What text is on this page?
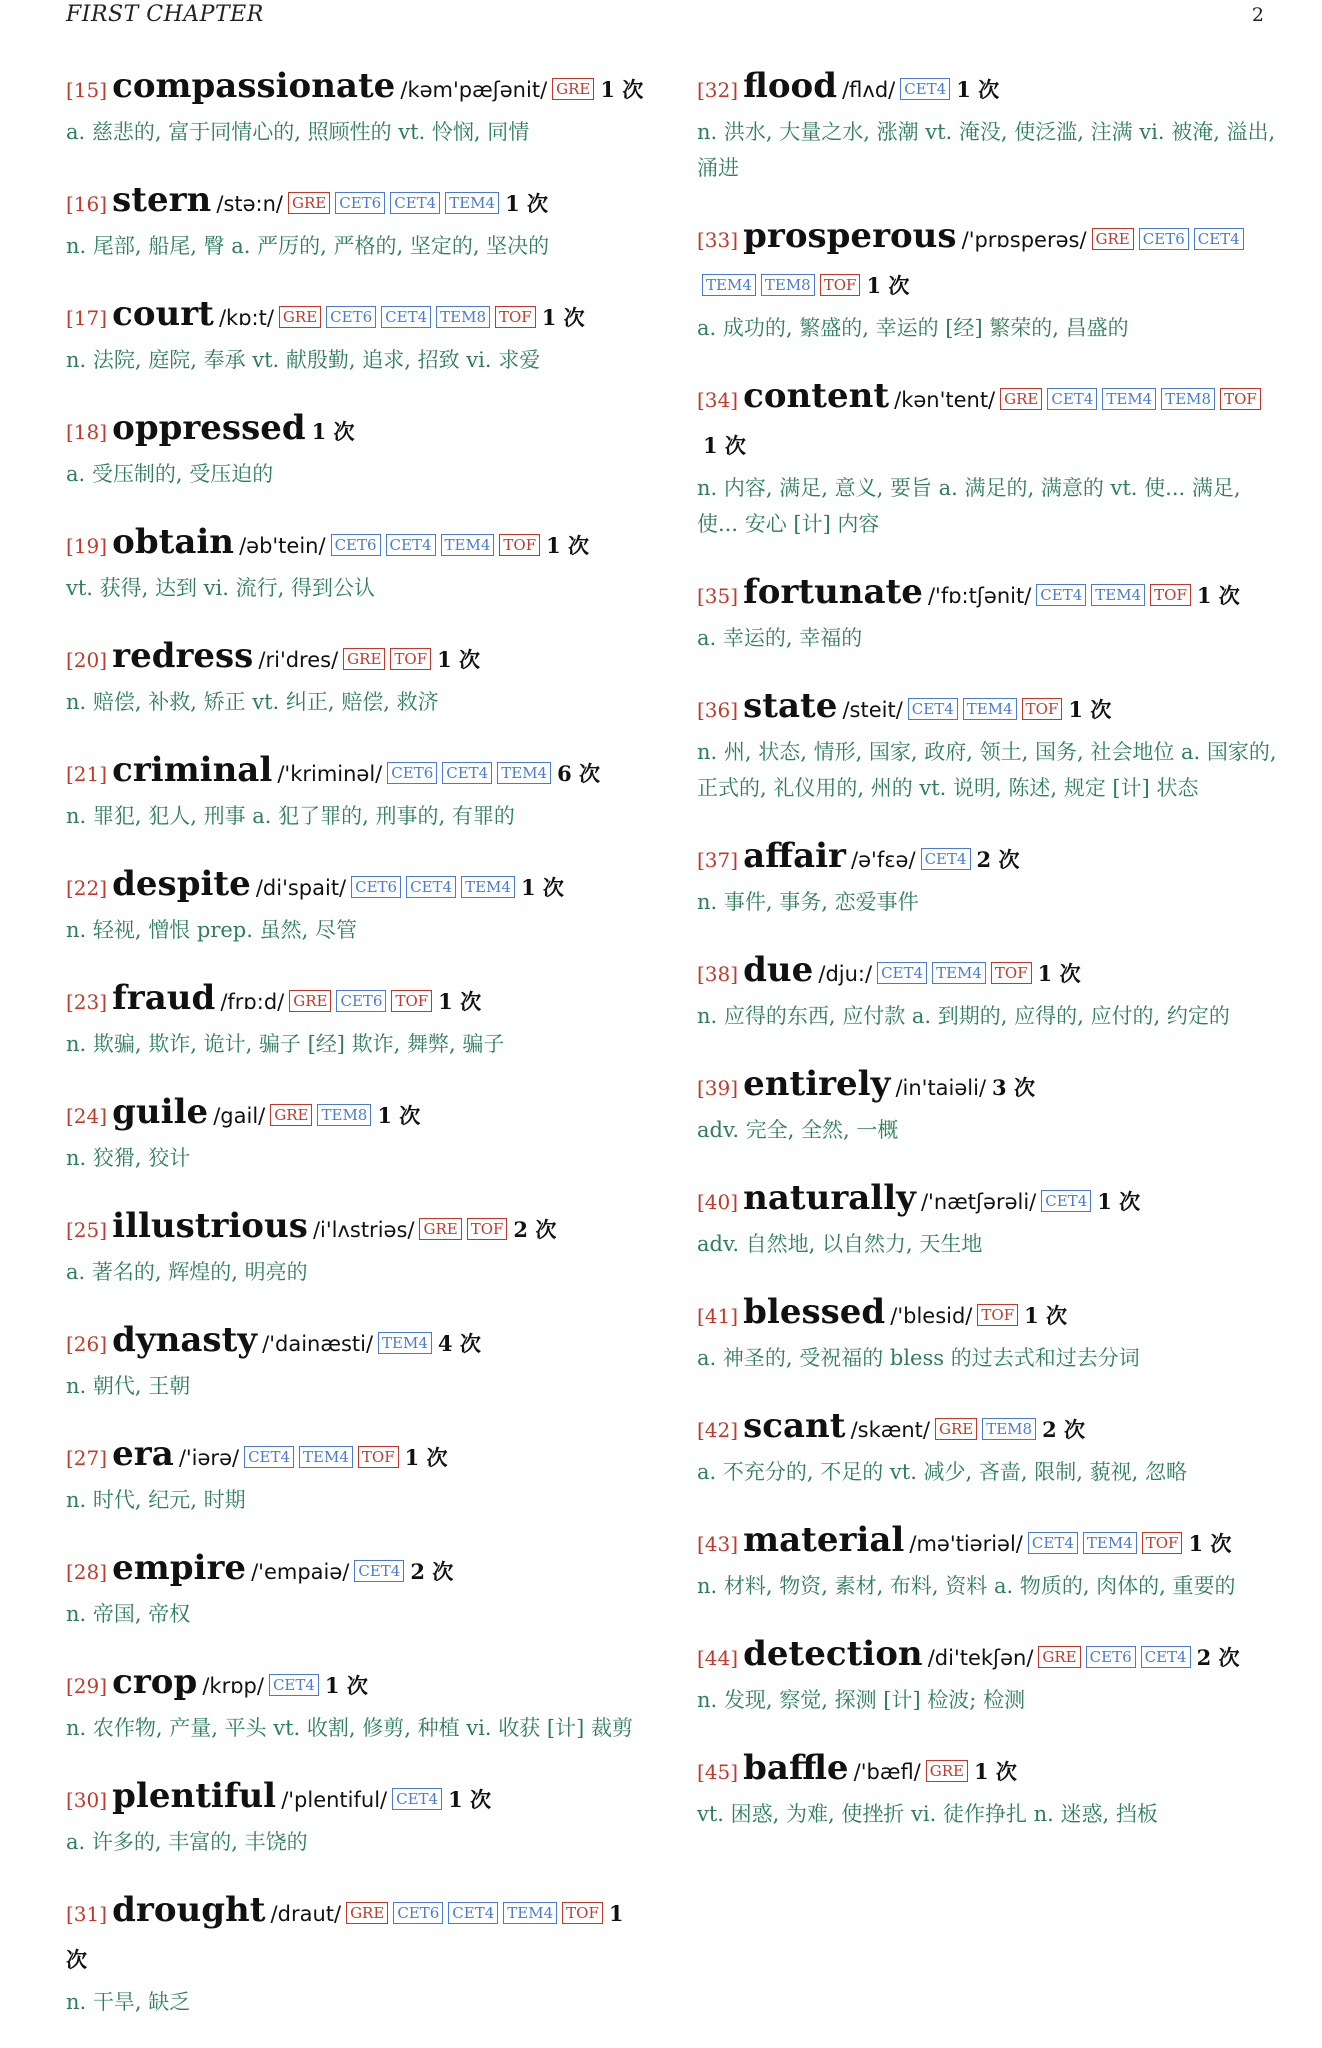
FIRST CHAPTER	2
[15] compassionate /kəm'pæʃənit/ GRE 1 次
a. 慈悲的, 富于同情心的, 照顾性的 vt. 怜悯, 同情
[16] stern /stə:n/ GRE CET6 CET4 TEM4 1 次
n. 尾部, 船尾, 臀 a. 严厉的, 严格的, 坚定的, 坚决的
[17] court /kɒ:t/ GRE CET6 CET4 TEM8 TOF 1 次
n. 法院, 庭院, 奉承 vt. 献殷勤, 追求, 招致 vi. 求爱
[18] oppressed 1 次
a. 受压制的, 受压迫的
[19] obtain /əb'tein/ CET6 CET4 TEM4 TOF 1 次
vt. 获得, 达到 vi. 流行, 得到公认
[20] redress /ri'dres/ GRE TOF 1 次
n. 赔偿, 补救, 矫正 vt. 纠正, 赔偿, 救济
[21] criminal /'kriminəl/ CET6 CET4 TEM4 6 次
n. 罪犯, 犯人, 刑事 a. 犯了罪的, 刑事的, 有罪的
[22] despite /di'spait/ CET6 CET4 TEM4 1 次
n. 轻视, 憎恨 prep. 虽然, 尽管
[23] fraud /frɒ:d/ GRE CET6 TOF 1 次
n. 欺骗, 欺诈, 诡计, 骗子 [经] 欺诈, 舞弊, 骗子
[24] guile /gail/ GRE TEM8 1 次
n. 狡猾, 狡计
[25] illustrious /i'lʌstriəs/ GRE TOF 2 次
a. 著名的, 辉煌的, 明亮的
[26] dynasty /'dainæsti/ TEM4 4 次
n. 朝代, 王朝
[27] era /'iərə/ CET4 TEM4 TOF 1 次
n. 时代, 纪元, 时期
[28] empire /'empaiə/ CET4 2 次
n. 帝国, 帝权
[29] crop /krɒp/ CET4 1 次
n. 农作物, 产量, 平头 vt. 收割, 修剪, 种植 vi. 收获 [计] 裁剪
[30] plentiful /'plentiful/ CET4 1 次
a. 许多的, 丰富的, 丰饶的
[31] drought /draut/ GRE CET6 CET4 TEM4 TOF 1 次
n. 干旱, 缺乏
[32] flood /flʌd/ CET4 1 次
n. 洪水, 大量之水, 涨潮 vt. 淹没, 使泛滥, 注满 vi. 被淹, 溢出, 涌进
[33] prosperous /'prɒsperəs/ GRE CET6 CET4TEM4 TEM8 TOF 1 次
a. 成功的, 繁盛的, 幸运的 [经] 繁荣的, 昌盛的
[34] content /kən'tent/ GRE CET4 TEM4 TEM8 TOF1 次
n. 内容, 满足, 意义, 要旨 a. 满足的, 满意的 vt. 使... 满足, 使... 安心 [计] 内容
[35] fortunate /'fɒ:tʃənit/ CET4 TEM4 TOF 1 次
a. 幸运的, 幸福的
[36] state /steit/ CET4 TEM4 TOF 1 次
n. 州, 状态, 情形, 国家, 政府, 领土, 国务, 社会地位 a. 国家的, 正式的, 礼仪用的, 州的 vt. 说明, 陈述, 规定 [计] 状态
[37] affair /ə'fɛə/ CET4 2 次
n. 事件, 事务, 恋爱事件
[38] due /dju:/ CET4 TEM4 TOF 1 次
n. 应得的东西, 应付款 a. 到期的, 应得的, 应付的, 约定的
[39] entirely /in'taiəli/ 3 次
adv. 完全, 全然, 一概
[40] naturally /'nætʃərəli/ CET4 1 次
adv. 自然地, 以自然力, 天生地
[41] blessed /'blesid/ TOF 1 次
a. 神圣的, 受祝福的 bless 的过去式和过去分词
[42] scant /skænt/ GRE TEM8 2 次
a. 不充分的, 不足的 vt. 减少, 吝啬, 限制, 藐视, 忽略
[43] material /mə'tiəriəl/ CET4 TEM4 TOF 1 次
n. 材料, 物资, 素材, 布料, 资料 a. 物质的, 肉体的, 重要的
[44] detection /di'tekʃən/ GRE CET6 CET4 2 次
n. 发现, 察觉, 探测 [计] 检波; 检测
[45] baffle /'bæfl/ GRE 1 次
vt. 困惑, 为难, 使挫折 vi. 徒作挣扎 n. 迷惑, 挡板
